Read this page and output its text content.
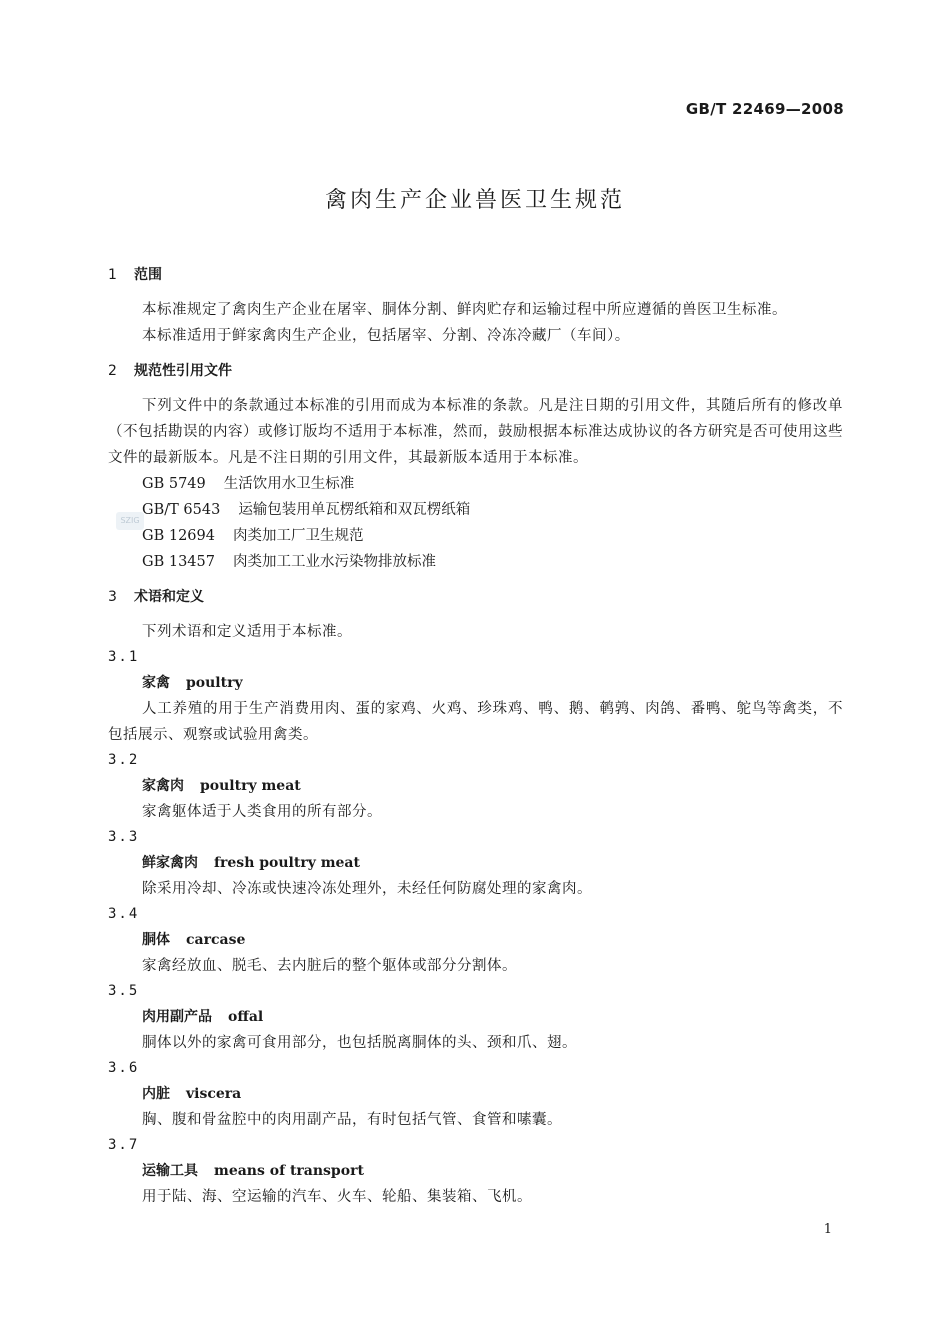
GB/T 22469—2008
禽肉生产企业兽医卫生规范
SZIG
1 范围
本标准规定了禽肉生产企业在屠宰、胴体分割、鲜肉贮存和运输过程中所应遵循的兽医卫生标准。
本标准适用于鲜家禽肉生产企业，包括屠宰、分割、冷冻冷藏厂（车间）。
2 规范性引用文件
下列文件中的条款通过本标准的引用而成为本标准的条款。凡是注日期的引用文件，其随后所有的修改单（不包括勘误的内容）或修订版均不适用于本标准，然而，鼓励根据本标准达成协议的各方研究是否可使用这些文件的最新版本。凡是不注日期的引用文件，其最新版本适用于本标准。
GB 5749 生活饮用水卫生标准
GB/T 6543 运输包装用单瓦楞纸箱和双瓦楞纸箱
GB 12694 肉类加工厂卫生规范
GB 13457 肉类加工工业水污染物排放标准
3 术语和定义
下列术语和定义适用于本标准。
3.1
家禽 poultry
人工养殖的用于生产消费用肉、蛋的家鸡、火鸡、珍珠鸡、鸭、鹅、鹌鹑、肉鸽、番鸭、鸵鸟等禽类，不包括展示、观察或试验用禽类。
3.2
家禽肉 poultry meat
家禽躯体适于人类食用的所有部分。
3.3
鲜家禽肉 fresh poultry meat
除采用冷却、冷冻或快速冷冻处理外，未经任何防腐处理的家禽肉。
3.4
胴体 carcase
家禽经放血、脱毛、去内脏后的整个躯体或部分分割体。
3.5
肉用副产品 offal
胴体以外的家禽可食用部分，也包括脱离胴体的头、颈和爪、翅。
3.6
内脏 viscera
胸、腹和骨盆腔中的肉用副产品，有时包括气管、食管和嗉囊。
3.7
运输工具 means of transport
用于陆、海、空运输的汽车、火车、轮船、集装箱、飞机。
1
